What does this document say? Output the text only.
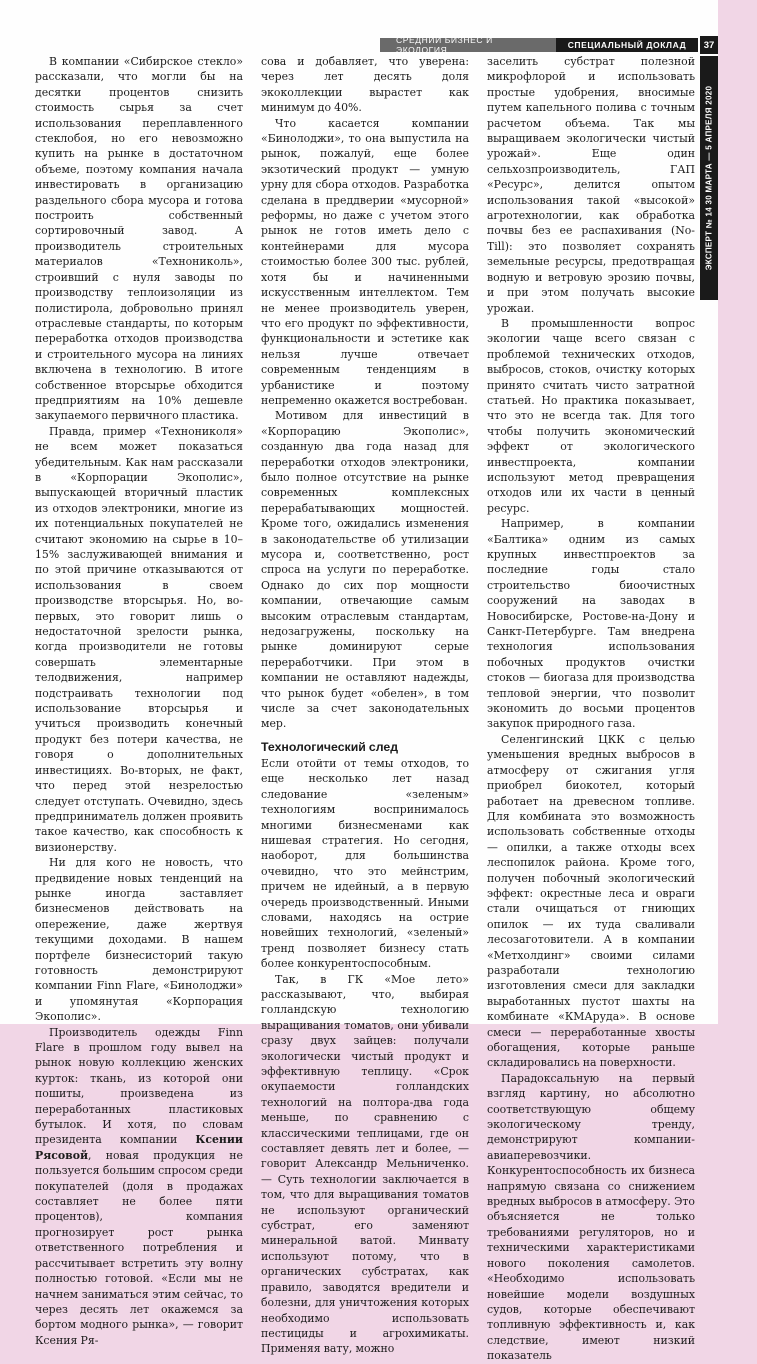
СРЕДНИЙ БИЗНЕС И ЭКОЛОГИЯ	СПЕЦИАЛЬНЫЙ ДОКЛАД	37
ЭКСПЕРТ № 14 30 МАРТА — 5 АПРЕЛЯ 2020

В компании «Сибирское стекло» рассказали, что могли бы на десятки процентов снизить стоимость сырья за счет использования переплавленного стеклобоя, но его невозможно купить на рынке в достаточном объеме, поэтому компания начала инвестировать в организацию раздельного сбора мусора и готова построить собственный сортировочный завод. А производитель строительных материалов «Технониколь», строивший с нуля заводы по производству теплоизоляции из полистирола, добровольно принял отраслевые стандарты, по которым переработка отходов производства и строительного мусора на линиях включена в технологию. В итоге собственное вторсырье обходится предприятиям на 10% дешевле закупаемого первичного пластика.

Правда, пример «Технониколя» не всем может показаться убедительным. Как нам рассказали в «Корпорации Экополис», выпускающей вторичный пластик из отходов электроники, многие из их потенциальных покупателей не считают экономию на сырье в 10–15% заслуживающей внимания и по этой причине отказываются от использования в своем производстве вторсырья. Но, во-первых, это говорит лишь о недостаточной зрелости рынка, когда производители не готовы совершать элементарные телодвижения, например подстраивать технологии под использование вторсырья и учиться производить конечный продукт без потери качества, не говоря о дополнительных инвестициях. Во-вторых, не факт, что перед этой незрелостью следует отступать. Очевидно, здесь предприниматель должен проявить такое качество, как способность к визионерству.

Ни для кого не новость, что предвидение новых тенденций на рынке иногда заставляет бизнесменов действовать на опережение, даже жертвуя текущими доходами. В нашем портфеле бизнесисторий такую готовность демонстрируют компании Finn Flare, «Бинолоджи» и упомянутая «Корпорация Экополис».

Производитель одежды Finn Flare в прошлом году вывел на рынок новую коллекцию женских курток: ткань, из которой они пошиты, произведена из переработанных пластиковых бутылок. И хотя, по словам президента компании Ксении Рясовой, новая продукция не пользуется большим спросом среди покупателей (доля в продажах составляет не более пяти процентов), компания прогнозирует рост рынка ответственного потребления и рассчитывает встретить эту волну полностью готовой. «Если мы не начнем заниматься этим сейчас, то через десять лет окажемся за бортом модного рынка», — говорит Ксения Ря-

сова и добавляет, что уверена: через лет десять доля экоколлекции вырастет как минимум до 40%.

Что касается компании «Бинолоджи», то она выпустила на рынок, пожалуй, еще более экзотический продукт — умную урну для сбора отходов. Разработка сделана в преддверии «мусорной» реформы, но даже с учетом этого рынок не готов иметь дело с контейнерами для мусора стоимостью более 300 тыс. рублей, хотя бы и начиненными искусственным интеллектом. Тем не менее производитель уверен, что его продукт по эффективности, функциональности и эстетике как нельзя лучше отвечает современным тенденциям в урбанистике и поэтому непременно окажется востребован.

Мотивом для инвестиций в «Корпорацию Экополис», созданную два года назад для переработки отходов электроники, было полное отсутствие на рынке современных комплексных перерабатывающих мощностей. Кроме того, ожидались изменения в законодательстве об утилизации мусора и, соответственно, рост спроса на услуги по переработке. Однако до сих пор мощности компании, отвечающие самым высоким отраслевым стандартам, недозагружены, поскольку на рынке доминируют серые переработчики. При этом в компании не оставляют надежды, что рынок будет «обелен», в том числе за счет законодательных мер.

Технологический след

Если отойти от темы отходов, то еще несколько лет назад следование «зеленым» технологиям воспринималось многими бизнесменами как нишевая стратегия. Но сегодня, наоборот, для большинства очевидно, что это мейнстрим, причем не идейный, а в первую очередь производственный. Иными словами, находясь на острие новейших технологий, «зеленый» тренд позволяет бизнесу стать более конкурентоспособным.

Так, в ГК «Мое лето» рассказывают, что, выбирая голландскую технологию выращивания томатов, они убивали сразу двух зайцев: получали экологически чистый продукт и эффективную теплицу. «Срок окупаемости голландских технологий на полтора-два года меньше, по сравнению с классическими теплицами, где он составляет девять лет и более, — говорит Александр Мельниченко. — Суть технологии заключается в том, что для выращивания томатов не используют органический субстрат, его заменяют минеральной ватой. Минвату используют потому, что в органических субстратах, как правило, заводятся вредители и болезни, для уничтожения которых необходимо использовать пестициды и агрохимикаты. Применяя вату, можно

заселить субстрат полезной микрофлорой и использовать простые удобрения, вносимые путем капельного полива с точным расчетом объема. Так мы выращиваем экологически чистый урожай». Еще один сельхозпроизводитель, ГАП «Ресурс», делится опытом использования такой «высокой» агротехнологии, как обработка почвы без ее распахивания (No-Till): это позволяет сохранять земельные ресурсы, предотвращая водную и ветровую эрозию почвы, и при этом получать высокие урожаи.

В промышленности вопрос экологии чаще всего связан с проблемой технических отходов, выбросов, стоков, очистку которых принято считать чисто затратной статьей. Но практика показывает, что это не всегда так. Для того чтобы получить экономический эффект от экологического инвестпроекта, компании используют метод превращения отходов или их части в ценный ресурс.

Например, в компании «Балтика» одним из самых крупных инвестпроектов за последние годы стало строительство биоочистных сооружений на заводах в Новосибирске, Ростове-на-Дону и Санкт-Петербурге. Там внедрена технология использования побочных продуктов очистки стоков — биогаза для производства тепловой энергии, что позволит экономить до восьми процентов закупок природного газа.

Селенгинский ЦКК с целью уменьшения вредных выбросов в атмосферу от сжигания угля приобрел биокотел, который работает на древесном топливе. Для комбината это возможность использовать собственные отходы — опилки, а также отходы всех леспопилок района. Кроме того, получен побочный экологический эффект: окрестные леса и овраги стали очищаться от гниющих опилок — их туда сваливали лесозаготовители. А в компании «Метхолдинг» своими силами разработали технологию изготовления смеси для закладки выработанных пустот шахты на комбинате «КМАруда». В основе смеси — переработанные хвосты обогащения, которые раньше складировались на поверхности.

Парадоксальную на первый взгляд картину, но абсолютно соответствующую общему экологическому тренду, демонстрируют компании-авиаперевозчики. Конкурентоспособность их бизнеса напрямую связана со снижением вредных выбросов в атмосферу. Это объясняется не только требованиями регуляторов, но и техническими характеристиками нового поколения самолетов. «Необходимо использовать новейшие модели воздушных судов, которые обеспечивают топливную эффективность и, как следствие, имеют низкий показатель
